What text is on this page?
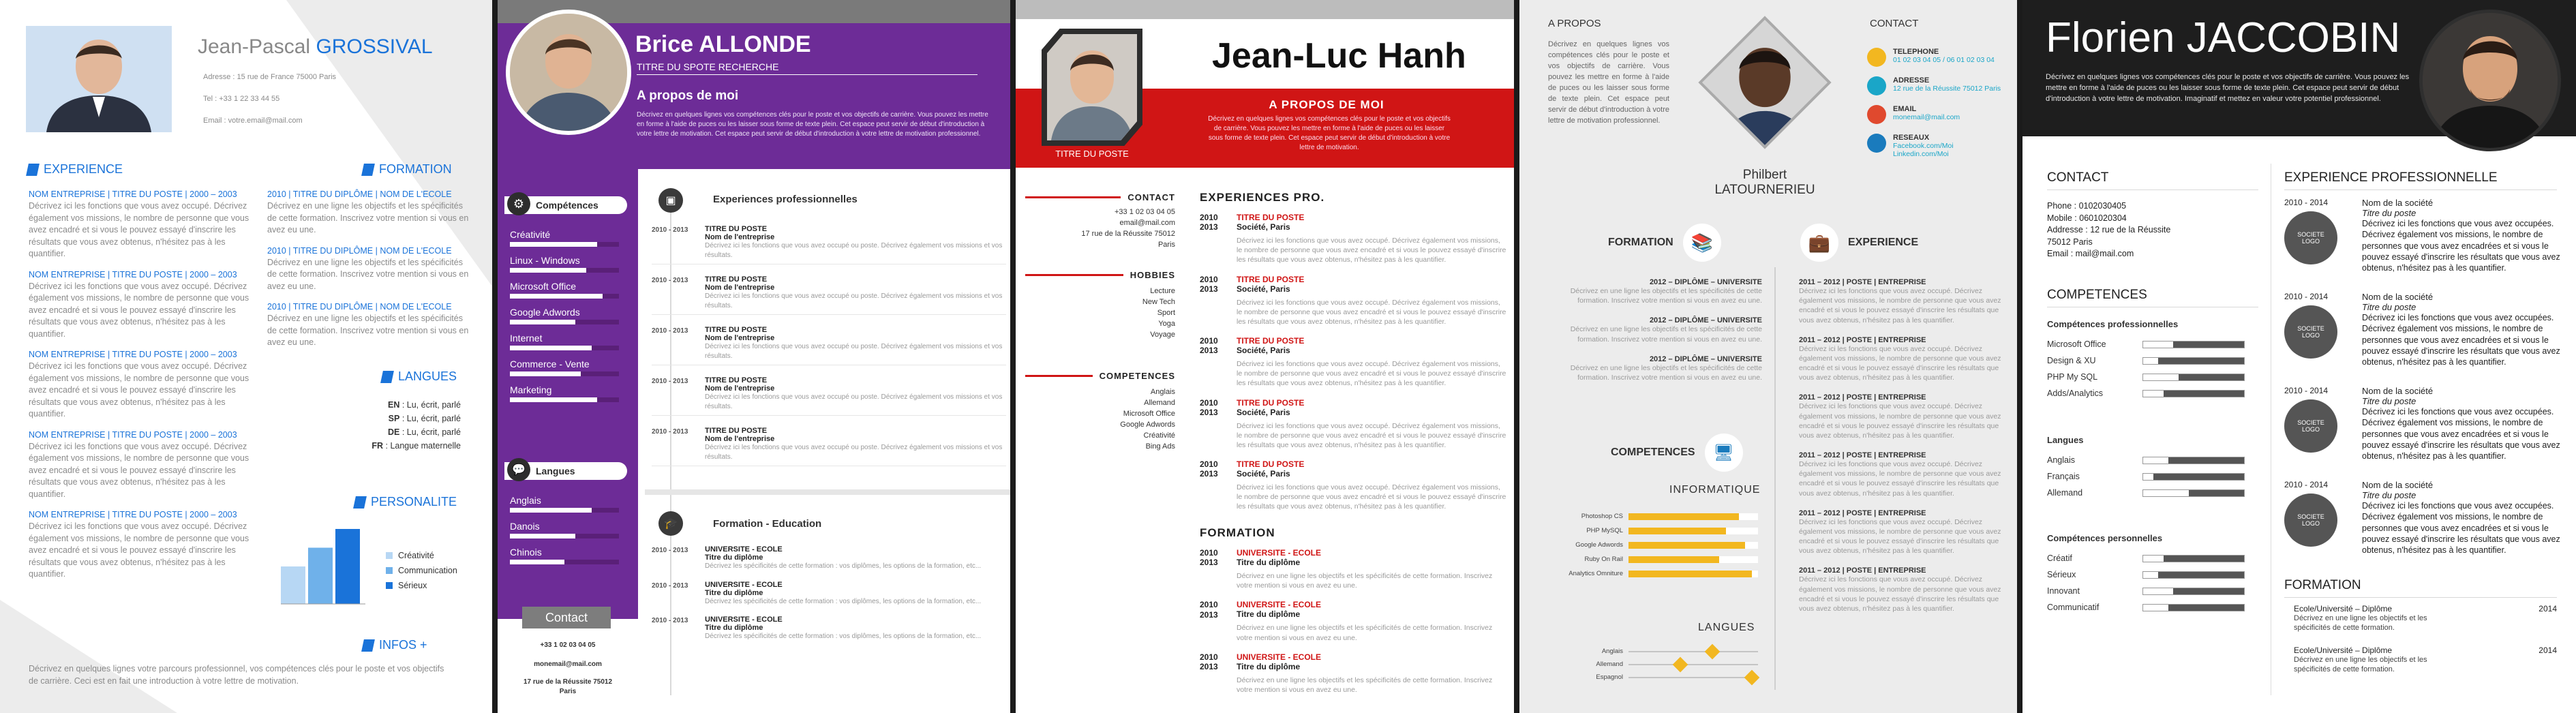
Jean-Pascal GROSSIVAL
Adresse : 15 rue de France 75000 Paris
Tel : +33 1 22 33 44 55
Email : votre.email@mail.com
EXPERIENCE
NOM ENTREPRISE | TITRE DU POSTE | 2000 – 2003
Décrivez ici les fonctions que vous avez occupé. Décrivez également vos missions, le nombre de personne que vous avez encadré et si vous le pouvez essayé d'inscrire les résultats que vous avez obtenus, n'hésitez pas à les quantifier.
NOM ENTREPRISE | TITRE DU POSTE | 2000 – 2003
Décrivez ici les fonctions que vous avez occupé. Décrivez également vos missions, le nombre de personne que vous avez encadré et si vous le pouvez essayé d'inscrire les résultats que vous avez obtenus, n'hésitez pas à les quantifier.
NOM ENTREPRISE | TITRE DU POSTE | 2000 – 2003
Décrivez ici les fonctions que vous avez occupé. Décrivez également vos missions, le nombre de personne que vous avez encadré et si vous le pouvez essayé d'inscrire les résultats que vous avez obtenus, n'hésitez pas à les quantifier.
NOM ENTREPRISE | TITRE DU POSTE | 2000 – 2003
Décrivez ici les fonctions que vous avez occupé. Décrivez également vos missions, le nombre de personne que vous avez encadré et si vous le pouvez essayé d'inscrire les résultats que vous avez obtenus, n'hésitez pas à les quantifier.
NOM ENTREPRISE | TITRE DU POSTE | 2000 – 2003
Décrivez ici les fonctions que vous avez occupé. Décrivez également vos missions, le nombre de personne que vous avez encadré et si vous le pouvez essayé d'inscrire les résultats que vous avez obtenus, n'hésitez pas à les quantifier.
FORMATION
2010 | TITRE DU DIPLÔME | NOM DE L'ECOLE
Décrivez en une ligne les objectifs et les spécificités de cette formation. Inscrivez votre mention si vous en avez eu une.
2010 | TITRE DU DIPLÔME | NOM DE L'ECOLE
Décrivez en une ligne les objectifs et les spécificités de cette formation. Inscrivez votre mention si vous en avez eu une.
2010 | TITRE DU DIPLÔME | NOM DE L'ECOLE
Décrivez en une ligne les objectifs et les spécificités de cette formation. Inscrivez votre mention si vous en avez eu une.
LANGUES
EN : Lu, écrit, parlé
SP : Lu, écrit, parlé
DE : Lu, écrit, parlé
FR : Langue maternelle
PERSONALITE
Créativité
Communication
Sérieux
INFOS +
Décrivez en quelques lignes votre parcours professionnel, vos compétences clés pour le poste et vos objectifs de carrière. Ceci est en fait une introduction à votre lettre de motivation.
Brice ALLONDE
TITRE DU SPOTE RECHERCHE
A propos de moi
Décrivez en quelques lignes vos compétences clés pour le poste et vos objectifs de carrière. Vous pouvez les mettre en forme à l'aide de puces ou les laisser sous forme de texte plein. Cet espace peut servir de début d'introduction à votre lettre de motivation. Cet espace peut servir de début d'introduction à votre lettre de motivation professionnel.
⚙	Compétences
Créativité
Linux - Windows
Microsoft Office
Google Adwords
Internet
Commerce - Vente
Marketing
💬	Langues
Anglais
Danois
Chinois
Contact
+33 1 02 03 04 05
monemail@mail.com
17 rue de la Réussite 75012 Paris
▣	Experiences professionnelles
2010 - 2013	TITRE DU POSTE
Nom de l'entreprise
Décrivez ici les fonctions que vous avez occupé ou poste. Décrivez également vos missions et vos résultats.
2010 - 2013	TITRE DU POSTE
Nom de l'entreprise
Décrivez ici les fonctions que vous avez occupé ou poste. Décrivez également vos missions et vos résultats.
2010 - 2013	TITRE DU POSTE
Nom de l'entreprise
Décrivez ici les fonctions que vous avez occupé ou poste. Décrivez également vos missions et vos résultats.
2010 - 2013	TITRE DU POSTE
Nom de l'entreprise
Décrivez ici les fonctions que vous avez occupé ou poste. Décrivez également vos missions et vos résultats.
2010 - 2013	TITRE DU POSTE
Nom de l'entreprise
Décrivez ici les fonctions que vous avez occupé ou poste. Décrivez également vos missions et vos résultats.
🎓	Formation - Education
2010 - 2013	UNIVERSITE - ECOLE
Titre du diplôme
Décrivez les spécificités de cette formation : vos diplômes, les options de la formation, etc...
2010 - 2013	UNIVERSITE - ECOLE
Titre du diplôme
Décrivez les spécificités de cette formation : vos diplômes, les options de la formation, etc...
2010 - 2013	UNIVERSITE - ECOLE
Titre du diplôme
Décrivez les spécificités de cette formation : vos diplômes, les options de la formation, etc...
TITRE DU POSTE
Jean-Luc Hanh
A PROPOS DE MOI
Décrivez en quelques lignes vos compétences clés pour le poste et vos objectifs de carrière. Vous pouvez les mettre en forme à l'aide de puces ou les laisser sous forme de texte plein. Cet espace peut servir de début d'introduction à votre lettre de motivation.
CONTACT
+33 1 02 03 04 05
email@mail.com
17 rue de la Réussite 75012
Paris
HOBBIES
Lecture
New Tech
Sport
Yoga
Voyage
COMPETENCES
Anglais
Allemand
Microsoft Office
Google Adwords
Créativité
Bing Ads
EXPERIENCES PRO.
2010
2013
TITRE DU POSTE
Société, Paris
Décrivez ici les fonctions que vous avez occupé. Décrivez également vos missions, le nombre de personne que vous avez encadré et si vous le pouvez essayé d'inscrire les résultats que vous avez obtenus, n'hésitez pas à les quantifier.
2010
2013
TITRE DU POSTE
Société, Paris
Décrivez ici les fonctions que vous avez occupé. Décrivez également vos missions, le nombre de personne que vous avez encadré et si vous le pouvez essayé d'inscrire les résultats que vous avez obtenus, n'hésitez pas à les quantifier.
2010
2013
TITRE DU POSTE
Société, Paris
Décrivez ici les fonctions que vous avez occupé. Décrivez également vos missions, le nombre de personne que vous avez encadré et si vous le pouvez essayé d'inscrire les résultats que vous avez obtenus, n'hésitez pas à les quantifier.
2010
2013
TITRE DU POSTE
Société, Paris
Décrivez ici les fonctions que vous avez occupé. Décrivez également vos missions, le nombre de personne que vous avez encadré et si vous le pouvez essayé d'inscrire les résultats que vous avez obtenus, n'hésitez pas à les quantifier.
2010
2013
TITRE DU POSTE
Société, Paris
Décrivez ici les fonctions que vous avez occupé. Décrivez également vos missions, le nombre de personne que vous avez encadré et si vous le pouvez essayé d'inscrire les résultats que vous avez obtenus, n'hésitez pas à les quantifier.
FORMATION
2010
2013
UNIVERSITE - ECOLE
Titre du diplôme
Décrivez en une ligne les objectifs et les spécificités de cette formation. Inscrivez votre mention si vous en avez eu une.
2010
2013
UNIVERSITE - ECOLE
Titre du diplôme
Décrivez en une ligne les objectifs et les spécificités de cette formation. Inscrivez votre mention si vous en avez eu une.
2010
2013
UNIVERSITE - ECOLE
Titre du diplôme
Décrivez en une ligne les objectifs et les spécificités de cette formation. Inscrivez votre mention si vous en avez eu une.
A PROPOS
Décrivez en quelques lignes vos compétences clés pour le poste et vos objectifs de carrière. Vous pouvez les mettre en forme à l'aide de puces ou les laisser sous forme de texte plein. Cet espace peut servir de début d'introduction à votre lettre de motivation professionnel.
Philbert
LATOURNERIEU
CONTACT
TELEPHONE
01 02 03 04 05 / 06 01 02 03 04
ADRESSE
12 rue de la Réussite 75012 Paris
EMAIL
monemail@mail.com
RESEAUX
Facebook.com/Moi Linkedin.com/Moi
FORMATION 📚	💼	EXPERIENCE
2012 – DIPLÔME – UNIVERSITE
Décrivez en une ligne les objectifs et les spécificités de cette formation. Inscrivez votre mention si vous en avez eu une.
2012 – DIPLÔME – UNIVERSITE
Décrivez en une ligne les objectifs et les spécificités de cette formation. Inscrivez votre mention si vous en avez eu une.
2012 – DIPLÔME – UNIVERSITE
Décrivez en une ligne les objectifs et les spécificités de cette formation. Inscrivez votre mention si vous en avez eu une.
2011 – 2012 | POSTE | ENTREPRISE
Décrivez ici les fonctions que vous avez occupé. Décrivez également vos missions, le nombre de personne que vous avez encadré et si vous le pouvez essayé d'inscrire les résultats que vous avez obtenus, n'hésitez pas à les quantifier.
2011 – 2012 | POSTE | ENTREPRISE
Décrivez ici les fonctions que vous avez occupé. Décrivez également vos missions, le nombre de personne que vous avez encadré et si vous le pouvez essayé d'inscrire les résultats que vous avez obtenus, n'hésitez pas à les quantifier.
2011 – 2012 | POSTE | ENTREPRISE
Décrivez ici les fonctions que vous avez occupé. Décrivez également vos missions, le nombre de personne que vous avez encadré et si vous le pouvez essayé d'inscrire les résultats que vous avez obtenus, n'hésitez pas à les quantifier.
2011 – 2012 | POSTE | ENTREPRISE
Décrivez ici les fonctions que vous avez occupé. Décrivez également vos missions, le nombre de personne que vous avez encadré et si vous le pouvez essayé d'inscrire les résultats que vous avez obtenus, n'hésitez pas à les quantifier.
2011 – 2012 | POSTE | ENTREPRISE
Décrivez ici les fonctions que vous avez occupé. Décrivez également vos missions, le nombre de personne que vous avez encadré et si vous le pouvez essayé d'inscrire les résultats que vous avez obtenus, n'hésitez pas à les quantifier.
2011 – 2012 | POSTE | ENTREPRISE
Décrivez ici les fonctions que vous avez occupé. Décrivez également vos missions, le nombre de personne que vous avez encadré et si vous le pouvez essayé d'inscrire les résultats que vous avez obtenus, n'hésitez pas à les quantifier.
COMPETENCES	🖥
INFORMATIQUE
Photoshop CS
PHP MySQL
Google Adwords
Ruby On Rail
Analytics Omniture
LANGUES
Anglais
Allemand
Espagnol
Florien JACCOBIN
Décrivez en quelques lignes vos compétences clés pour le poste et vos objectifs de carrière. Vous pouvez les mettre en forme à l'aide de puces ou les laisser sous forme de texte plein. Cet espace peut servir de début d'introduction à votre lettre de motivation. Imaginatif et mettez en valeur votre potentiel professionnel.
CONTACT
Phone : 0102030405
Mobile : 0601020304
Addresse : 12 rue de la Réussite
75012 Paris
Email : mail@mail.com
COMPETENCES
Compétences professionnelles
Microsoft Office
Design & XU
PHP My SQL
Adds/Analytics
Langues
Anglais
Français
Allemand
Compétences personnelles
Créatif
Sérieux
Innovant
Communicatif
EXPERIENCE PROFESSIONNELLE
2010 - 2014
SOCIETE LOGO
Nom de la société
Titre du poste
Décrivez ici les fonctions que vous avez occupées. Décrivez également vos missions, le nombre de personnes que vous avez encadrées et si vous le pouvez essayé d'inscrire les résultats que vous avez obtenus, n'hésitez pas à les quantifier.
2010 - 2014
SOCIETE LOGO
Nom de la société
Titre du poste
Décrivez ici les fonctions que vous avez occupées. Décrivez également vos missions, le nombre de personnes que vous avez encadrées et si vous le pouvez essayé d'inscrire les résultats que vous avez obtenus, n'hésitez pas à les quantifier.
2010 - 2014
SOCIETE LOGO
Nom de la société
Titre du poste
Décrivez ici les fonctions que vous avez occupées. Décrivez également vos missions, le nombre de personnes que vous avez encadrées et si vous le pouvez essayé d'inscrire les résultats que vous avez obtenus, n'hésitez pas à les quantifier.
2010 - 2014
SOCIETE LOGO
Nom de la société
Titre du poste
Décrivez ici les fonctions que vous avez occupées. Décrivez également vos missions, le nombre de personnes que vous avez encadrées et si vous le pouvez essayé d'inscrire les résultats que vous avez obtenus, n'hésitez pas à les quantifier.
FORMATION
Ecole/Université – Diplôme
Décrivez en une ligne les objectifs et les spécificités de cette formation.
2014
Ecole/Université – Diplôme
Décrivez en une ligne les objectifs et les spécificités de cette formation.
2014
